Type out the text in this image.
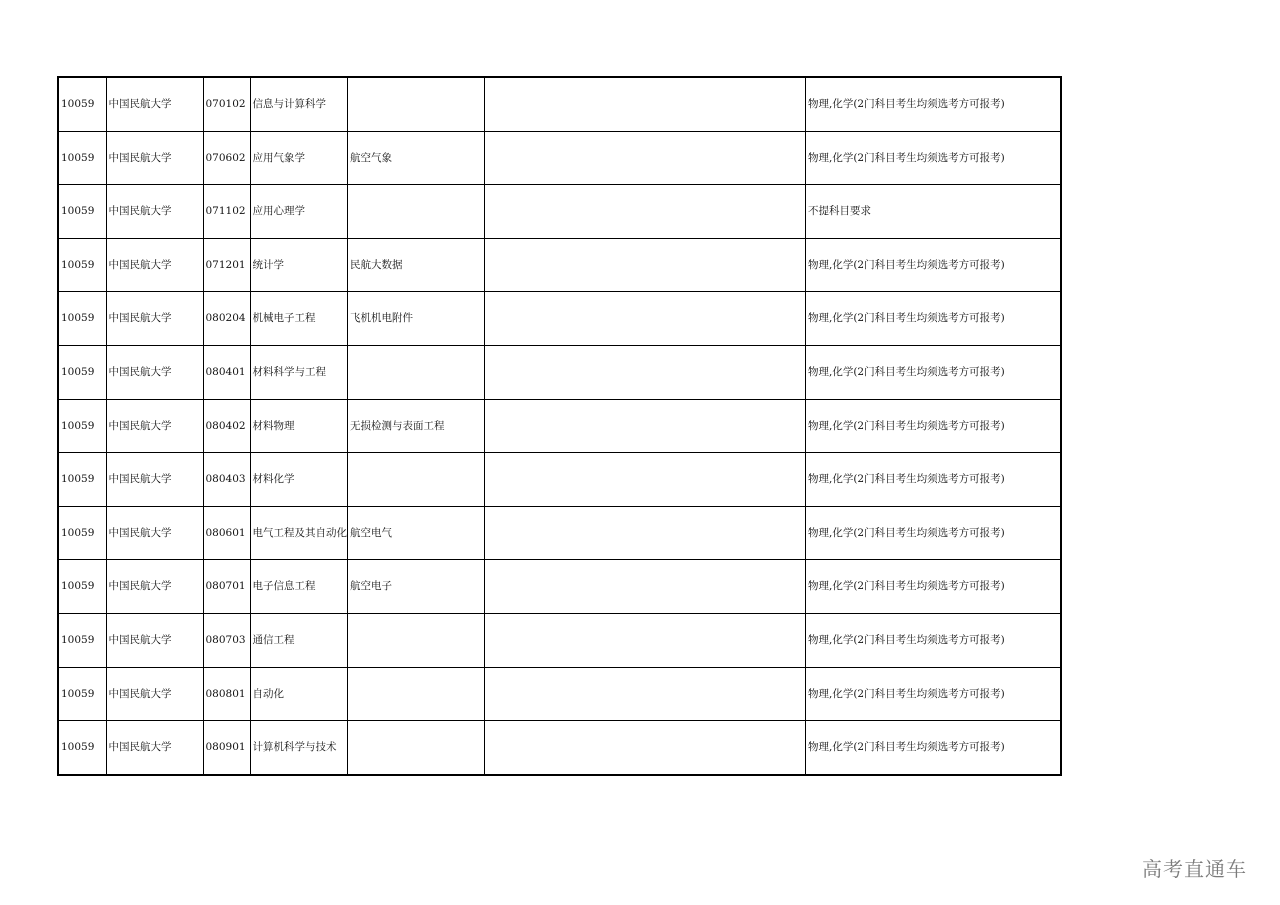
10059	中国民航大学	070102	信息与计算科学			物理,化学(2门科目考生均须选考方可报考)
10059	中国民航大学	070602	应用气象学	航空气象		物理,化学(2门科目考生均须选考方可报考)
10059	中国民航大学	071102	应用心理学			不提科目要求
10059	中国民航大学	071201	统计学	民航大数据		物理,化学(2门科目考生均须选考方可报考)
10059	中国民航大学	080204	机械电子工程	飞机机电附件		物理,化学(2门科目考生均须选考方可报考)
10059	中国民航大学	080401	材料科学与工程			物理,化学(2门科目考生均须选考方可报考)
10059	中国民航大学	080402	材料物理	无损检测与表面工程		物理,化学(2门科目考生均须选考方可报考)
10059	中国民航大学	080403	材料化学			物理,化学(2门科目考生均须选考方可报考)
10059	中国民航大学	080601	电气工程及其自动化	航空电气		物理,化学(2门科目考生均须选考方可报考)
10059	中国民航大学	080701	电子信息工程	航空电子		物理,化学(2门科目考生均须选考方可报考)
10059	中国民航大学	080703	通信工程			物理,化学(2门科目考生均须选考方可报考)
10059	中国民航大学	080801	自动化			物理,化学(2门科目考生均须选考方可报考)
10059	中国民航大学	080901	计算机科学与技术			物理,化学(2门科目考生均须选考方可报考)
高考直通车
